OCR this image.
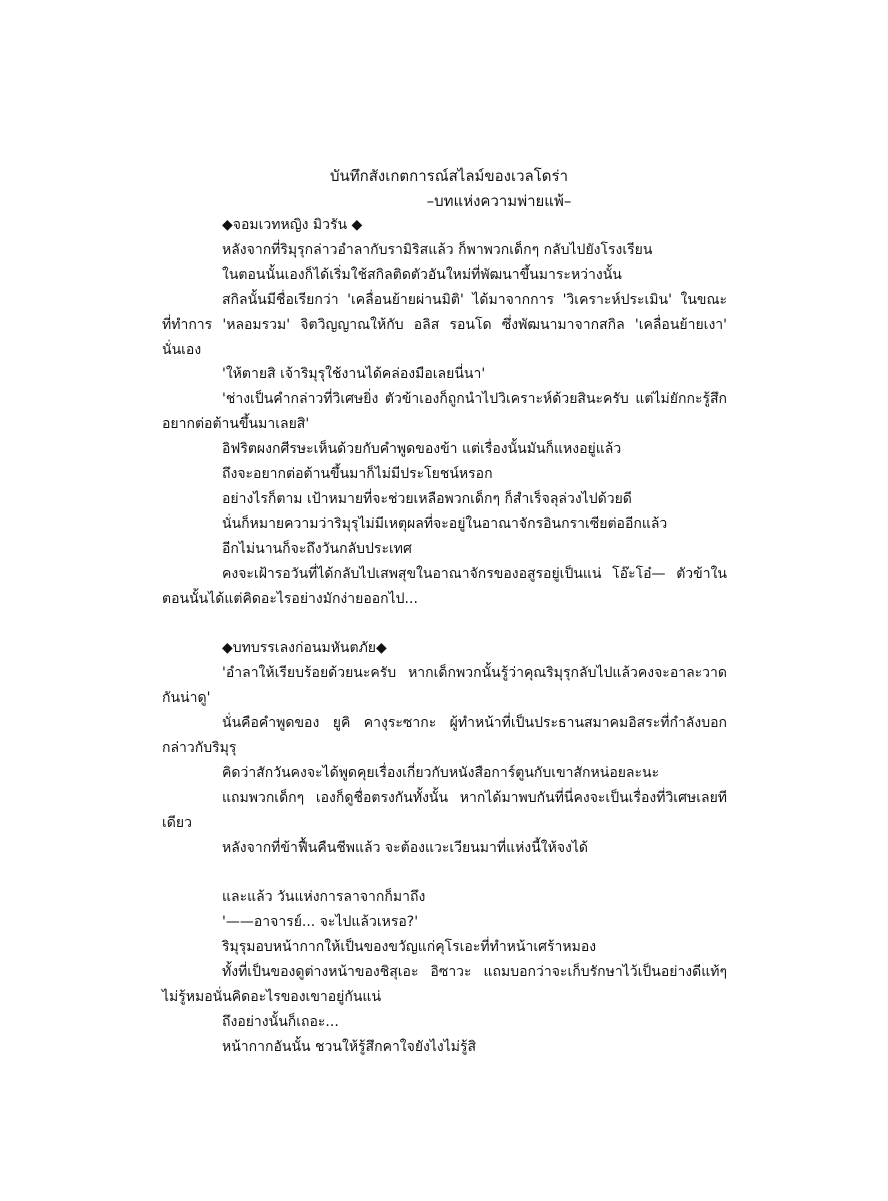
บันทึกสังเกตการณ์สไลม์ของเวลโดร่า
–บทแห่งความพ่ายแพ้–
◆จอมเวทหญิง มิวรัน ◆

หลังจากที่ริมุรุกล่าวอำลากับรามิริสแล้ว ก็พาพวกเด็กๆ กลับไปยังโรงเรียน

ในตอนนั้นเองก็ได้เริ่มใช้สกิลติดตัวอันใหม่ที่พัฒนาขึ้นมาระหว่างนั้น

สกิลนั้นมีชื่อเรียกว่า 'เคลื่อนย้ายผ่านมิติ' ได้มาจากการ 'วิเคราะห์ประเมิน' ในขณะที่ทำการ 'หลอมรวม' จิตวิญญาณให้กับ อลิส รอนโด ซึ่งพัฒนามาจากสกิล 'เคลื่อนย้ายเงา' นั่นเอง

'ให้ตายสิ เจ้าริมุรุใช้งานได้คล่องมือเลยนี่นา'

'ช่างเป็นคำกล่าวที่วิเศษยิ่ง ตัวข้าเองก็ถูกนำไปวิเคราะห์ด้วยสินะครับ แต่ไม่ยักกะรู้สึกอยากต่อต้านขึ้นมาเลยสิ'

อิฟริตผงกศีรษะเห็นด้วยกับคำพูดของข้า แต่เรื่องนั้นมันก็แหงอยู่แล้ว

ถึงจะอยากต่อต้านขึ้นมาก็ไม่มีประโยชน์หรอก

อย่างไรก็ตาม เป้าหมายที่จะช่วยเหลือพวกเด็กๆ ก็สำเร็จลุล่วงไปด้วยดี

นั่นก็หมายความว่าริมุรุไม่มีเหตุผลที่จะอยู่ในอาณาจักรอินกราเซียต่ออีกแล้ว

อีกไม่นานก็จะถึงวันกลับประเทศ

คงจะเฝ้ารอวันที่ได้กลับไปเสพสุขในอาณาจักรของอสูรอยู่เป็นแน่ โอ๊ะโอ๋— ตัวข้าในตอนนั้นได้แต่คิดอะไรอย่างมักง่ายออกไป...

◆บทบรรเลงก่อนมหันตภัย◆

'อำลาให้เรียบร้อยด้วยนะครับ หากเด็กพวกนั้นรู้ว่าคุณริมุรุกลับไปแล้วคงจะอาละวาดกันน่าดู'

นั่นคือคำพูดของ ยูคิ คางุระซากะ ผู้ทำหน้าที่เป็นประธานสมาคมอิสระที่กำลังบอกกล่าวกับริมุรุ

คิดว่าสักวันคงจะได้พูดคุยเรื่องเกี่ยวกับหนังสือการ์ตูนกับเขาสักหน่อยละนะ

แถมพวกเด็กๆ เองก็ดูชื่อตรงกันทั้งนั้น หากได้มาพบกันที่นี่คงจะเป็นเรื่องที่วิเศษเลยทีเดียว

หลังจากที่ข้าฟื้นคืนชีพแล้ว จะต้องแวะเวียนมาที่แห่งนี้ให้จงได้

และแล้ว วันแห่งการลาจากก็มาถึง

'——อาจารย์... จะไปแล้วเหรอ?'

ริมุรุมอบหน้ากากให้เป็นของขวัญแก่คุโรเอะที่ทำหน้าเศร้าหมอง

ทั้งที่เป็นของดูต่างหน้าของชิสุเอะ อิซาวะ แถมบอกว่าจะเก็บรักษาไว้เป็นอย่างดีแท้ๆ ไม่รู้หมอนั่นคิดอะไรของเขาอยู่กันแน่

ถึงอย่างนั้นก็เถอะ...

หน้ากากอันนั้น ชวนให้รู้สึกคาใจยังไงไม่รู้สิ
